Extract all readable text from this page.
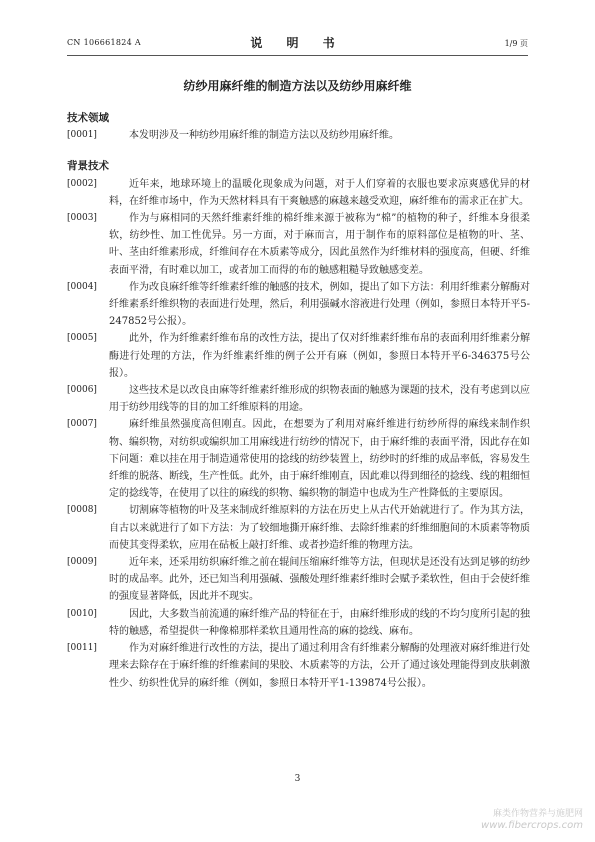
CN 106661824 A	说 明 书	1/9 页
纺纱用麻纤维的制造方法以及纺纱用麻纤维
技术领域
[0001]	本发明涉及一种纺纱用麻纤维的制造方法以及纺纱用麻纤维。
背景技术
[0002]	近年来，地球环境上的温暖化现象成为问题，对于人们穿着的衣服也要求凉爽感优异的材料，在纤维市场中，作为天然材料具有干爽触感的麻越来越受欢迎，麻纤维布的需求正在扩大。
[0003]	作为与麻相同的天然纤维素纤维的棉纤维来源于被称为“棉”的植物的种子，纤维本身很柔软，纺纱性、加工性优异。另一方面，对于麻而言，用于制作布的原料部位是植物的叶、茎、叶、茎由纤维素形成，纤维间存在木质素等成分，因此虽然作为纤维材料的强度高，但硬、纤维表面平滑，有时难以加工，或者加工而得的布的触感粗糙导致触感变差。
[0004]	作为改良麻纤维等纤维素纤维的触感的技术，例如，提出了如下方法：利用纤维素分解酶对纤维素系纤维织物的表面进行处理，然后，利用强碱水溶液进行处理（例如，参照日本特开平5-247852号公报）。
[0005]	此外，作为纤维素纤维布帛的改性方法，提出了仅对纤维素纤维布帛的表面利用纤维素分解酶进行处理的方法，作为纤维素纤维的例子公开有麻（例如，参照日本特开平6-346375号公报）。
[0006]	这些技术是以改良由麻等纤维素纤维形成的织物表面的触感为课题的技术，没有考虑到以应用于纺纱用线等的目的加工纤维原料的用途。
[0007]	麻纤维虽然强度高但刚直。因此，在想要为了利用对麻纤维进行纺纱所得的麻线来制作织物、编织物，对纺织或编织加工用麻线进行纺纱的情况下，由于麻纤维的表面平滑，因此存在如下问题：难以挂在用于制造通常使用的捻线的纺纱装置上，纺纱时的纤维的成品率低，容易发生纤维的脱落、断线，生产性低。此外，由于麻纤维刚直，因此难以得到细径的捻线、线的粗细恒定的捻线等，在使用了以往的麻线的织物、编织物的制造中也成为生产性降低的主要原因。
[0008]	切割麻等植物的叶及茎来制成纤维原料的方法在历史上从古代开始就进行了。作为其方法，自古以来就进行了如下方法：为了较细地撕开麻纤维、去除纤维素的纤维细胞间的木质素等物质而使其变得柔软，应用在砧板上敲打纤维、或者抄造纤维的物理方法。
[0009]	近年来，还采用纺织麻纤维之前在辊间压缩麻纤维等方法，但现状是还没有达到足够的纺纱时的成品率。此外，还已知当利用强碱、强酸处理纤维素纤维时会赋予柔软性，但由于会使纤维的强度显著降低，因此并不现实。
[0010]	因此，大多数当前流通的麻纤维产品的特征在于，由麻纤维形成的线的不均匀度所引起的独特的触感，希望提供一种像棉那样柔软且通用性高的麻的捻线、麻布。
[0011]	作为对麻纤维进行改性的方法，提出了通过利用含有纤维素分解酶的处理液对麻纤维进行处理来去除存在于麻纤维的纤维素间的果胶、木质素等的方法，公开了通过该处理能得到皮肤刺激性少、纺织性优异的麻纤维（例如，参照日本特开平1-139874号公报）。
3
麻类作物营养与施肥网
www.fibercrops.com
